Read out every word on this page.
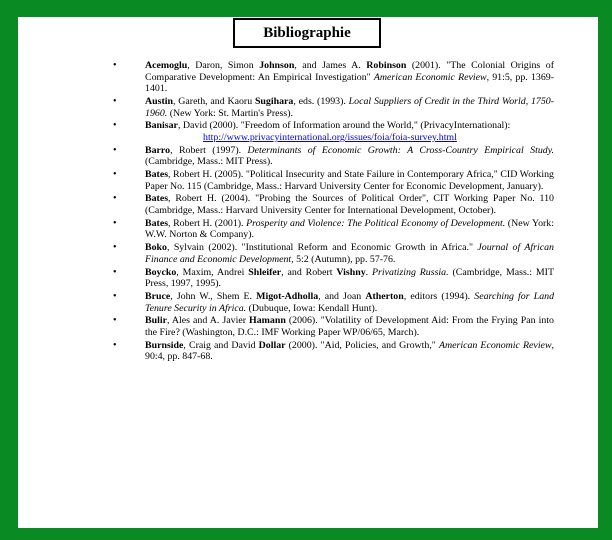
Bibliographie
•	Acemoglu, Daron, Simon Johnson, and James A. Robinson (2001). "The Colonial Origins of Comparative Development: An Empirical Investigation" American Economic Review, 91:5, pp. 1369-1401.
•	Austin, Gareth, and Kaoru Sugihara, eds. (1993). Local Suppliers of Credit in the Third World, 1750-1960. (New York: St. Martin's Press).
•	Banisar, David (2000). "Freedom of Information around the World," (PrivacyInternational):
http://www.privacyinternational.org/issues/foia/foia-survey.html
•	Barro, Robert (1997). Determinants of Economic Growth: A Cross-Country Empirical Study. (Cambridge, Mass.: MIT Press).
•	Bates, Robert H. (2005). "Political Insecurity and State Failure in Contemporary Africa," CID Working Paper No. 115 (Cambridge, Mass.: Harvard University Center for Economic Development, January).
•	Bates, Robert H. (2004). "Probing the Sources of Political Order", CIT Working Paper No. 110 (Cambridge, Mass.: Harvard University Center for International Development, October).
•	Bates, Robert H. (2001). Prosperity and Violence: The Political Economy of Development. (New York: W.W. Norton & Company).
•	Boko, Sylvain (2002). "Institutional Reform and Economic Growth in Africa." Journal of African Finance and Economic Development, 5:2 (Autumn), pp. 57-76.
•	Boycko, Maxim, Andrei Shleifer, and Robert Vishny. Privatizing Russia. (Cambridge, Mass.: MIT Press, 1997, 1995).
•	Bruce, John W., Shem E. Migot-Adholla, and Joan Atherton, editors (1994). Searching for Land Tenure Security in Africa. (Dubuque, Iowa: Kendall Hunt).
•	Bulir, Ales and A. Javier Hamann (2006). "Volatility of Development Aid: From the Frying Pan into the Fire? (Washington, D.C.: IMF Working Paper WP/06/65, March).
•	Burnside, Craig and David Dollar (2000). "Aid, Policies, and Growth," American Economic Review, 90:4, pp. 847-68.
